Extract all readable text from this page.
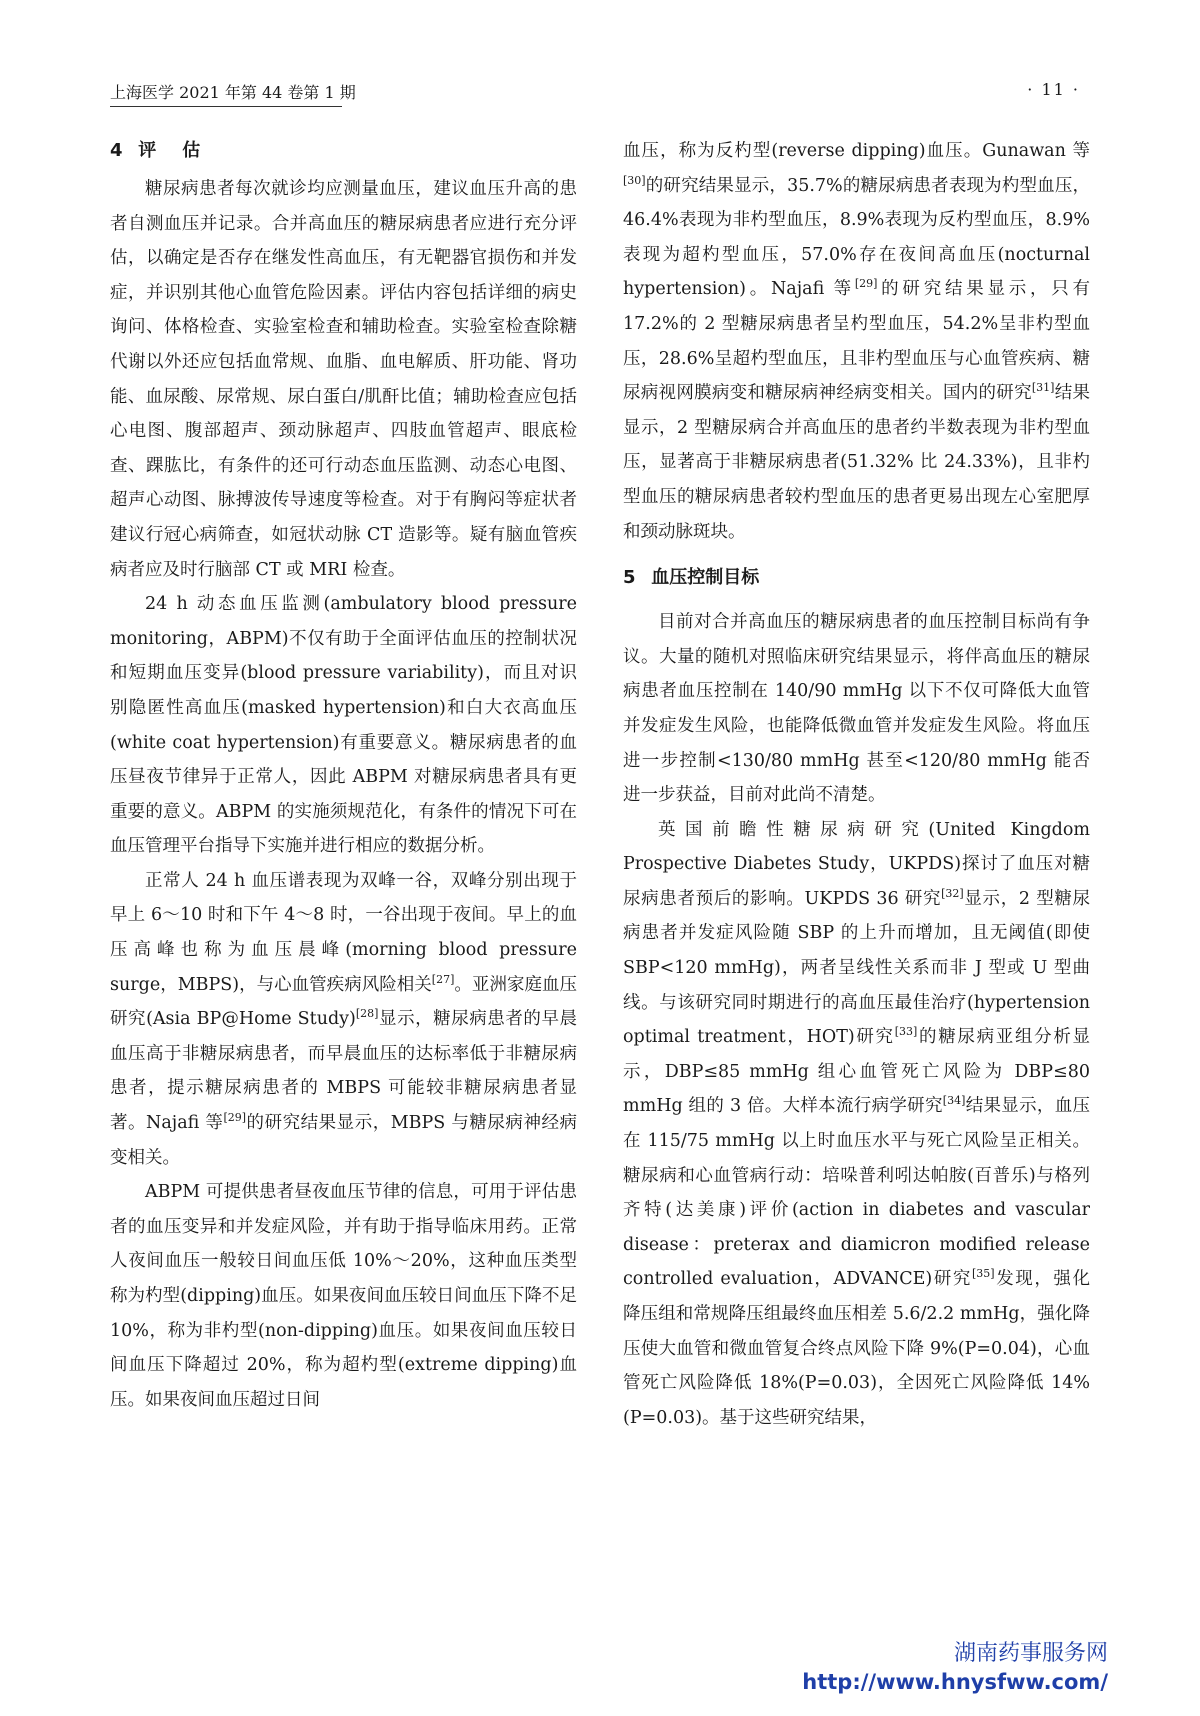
上海医学 2021 年第 44 卷第 1 期	· 11 ·
4 评估

糖尿病患者每次就诊均应测量血压，建议血压升高的患者自测血压并记录。合并高血压的糖尿病患者应进行充分评估，以确定是否存在继发性高血压，有无靶器官损伤和并发症，并识别其他心血管危险因素。评估内容包括详细的病史询问、体格检查、实验室检查和辅助检查。实验室检查除糖代谢以外还应包括血常规、血脂、血电解质、肝功能、肾功能、血尿酸、尿常规、尿白蛋白/肌酐比值；辅助检查应包括心电图、腹部超声、颈动脉超声、四肢血管超声、眼底检查、踝肱比，有条件的还可行动态血压监测、动态心电图、超声心动图、脉搏波传导速度等检查。对于有胸闷等症状者建议行冠心病筛查，如冠状动脉 CT 造影等。疑有脑血管疾病者应及时行脑部 CT 或 MRI 检查。

24 h 动态血压监测(ambulatory blood pressure monitoring，ABPM)不仅有助于全面评估血压的控制状况和短期血压变异(blood pressure variability)，而且对识别隐匿性高血压(masked hypertension)和白大衣高血压(white coat hypertension)有重要意义。糖尿病患者的血压昼夜节律异于正常人，因此 ABPM 对糖尿病患者具有更重要的意义。ABPM 的实施须规范化，有条件的情况下可在血压管理平台指导下实施并进行相应的数据分析。

正常人 24 h 血压谱表现为双峰一谷，双峰分别出现于早上 6～10 时和下午 4～8 时，一谷出现于夜间。早上的血压高峰也称为血压晨峰(morning blood pressure surge，MBPS)，与心血管疾病风险相关[27]。亚洲家庭血压研究(Asia BP@Home Study)[28]显示，糖尿病患者的早晨血压高于非糖尿病患者，而早晨血压的达标率低于非糖尿病患者，提示糖尿病患者的 MBPS 可能较非糖尿病患者显著。Najafi 等[29]的研究结果显示，MBPS 与糖尿病神经病变相关。

ABPM 可提供患者昼夜血压节律的信息，可用于评估患者的血压变异和并发症风险，并有助于指导临床用药。正常人夜间血压一般较日间血压低 10%～20%，这种血压类型称为杓型(dipping)血压。如果夜间血压较日间血压下降不足 10%，称为非杓型(non-dipping)血压。如果夜间血压较日间血压下降超过 20%，称为超杓型(extreme dipping)血压。如果夜间血压超过日间

血压，称为反杓型(reverse dipping)血压。Gunawan 等[30]的研究结果显示，35.7%的糖尿病患者表现为杓型血压，46.4%表现为非杓型血压，8.9%表现为反杓型血压，8.9%表现为超杓型血压，57.0%存在夜间高血压(nocturnal hypertension)。Najafi 等[29]的研究结果显示，只有 17.2%的 2 型糖尿病患者呈杓型血压，54.2%呈非杓型血压，28.6%呈超杓型血压，且非杓型血压与心血管疾病、糖尿病视网膜病变和糖尿病神经病变相关。国内的研究[31]结果显示，2 型糖尿病合并高血压的患者约半数表现为非杓型血压，显著高于非糖尿病患者(51.32% 比 24.33%)，且非杓型血压的糖尿病患者较杓型血压的患者更易出现左心室肥厚和颈动脉斑块。

5 血压控制目标

目前对合并高血压的糖尿病患者的血压控制目标尚有争议。大量的随机对照临床研究结果显示，将伴高血压的糖尿病患者血压控制在 140/90 mmHg 以下不仅可降低大血管并发症发生风险，也能降低微血管并发症发生风险。将血压进一步控制<130/80 mmHg 甚至<120/80 mmHg 能否进一步获益，目前对此尚不清楚。

英国前瞻性糖尿病研究(United Kingdom Prospective Diabetes Study，UKPDS)探讨了血压对糖尿病患者预后的影响。UKPDS 36 研究[32]显示，2 型糖尿病患者并发症风险随 SBP 的上升而增加，且无阈值(即使 SBP<120 mmHg)，两者呈线性关系而非 J 型或 U 型曲线。与该研究同时期进行的高血压最佳治疗(hypertension optimal treatment，HOT)研究[33]的糖尿病亚组分析显示，DBP≤85 mmHg 组心血管死亡风险为 DBP≤80 mmHg 组的 3 倍。大样本流行病学研究[34]结果显示，血压在 115/75 mmHg 以上时血压水平与死亡风险呈正相关。糖尿病和心血管病行动：培哚普利吲达帕胺(百普乐)与格列齐特(达美康)评价(action in diabetes and vascular disease：preterax and diamicron modified release controlled evaluation，ADVANCE)研究[35]发现，强化降压组和常规降压组最终血压相差 5.6/2.2 mmHg，强化降压使大血管和微血管复合终点风险下降 9%(P=0.04)，心血管死亡风险降低 18%(P=0.03)，全因死亡风险降低 14%(P=0.03)。基于这些研究结果，

湖南药事服务网
http://www.hnysfww.com/
